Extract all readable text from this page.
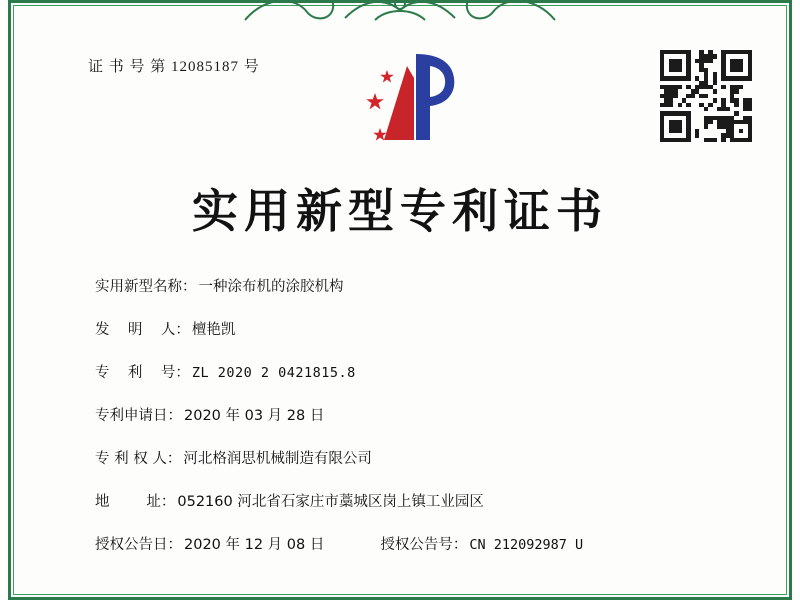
证 书 号 第 12085187 号
实用新型专利证书
实用新型名称： 一种涂布机的涂胶机构
发    明    人： 檀艳凯
专    利    号： ZL 2020 2 0421815.8
专利申请日： 2020 年 03 月 28 日
专 利 权 人： 河北格润思机械制造有限公司
地        址： 052160 河北省石家庄市藁城区岗上镇工业园区
授权公告日： 2020 年 12 月 08 日	授权公告号： CN 212092987 U
